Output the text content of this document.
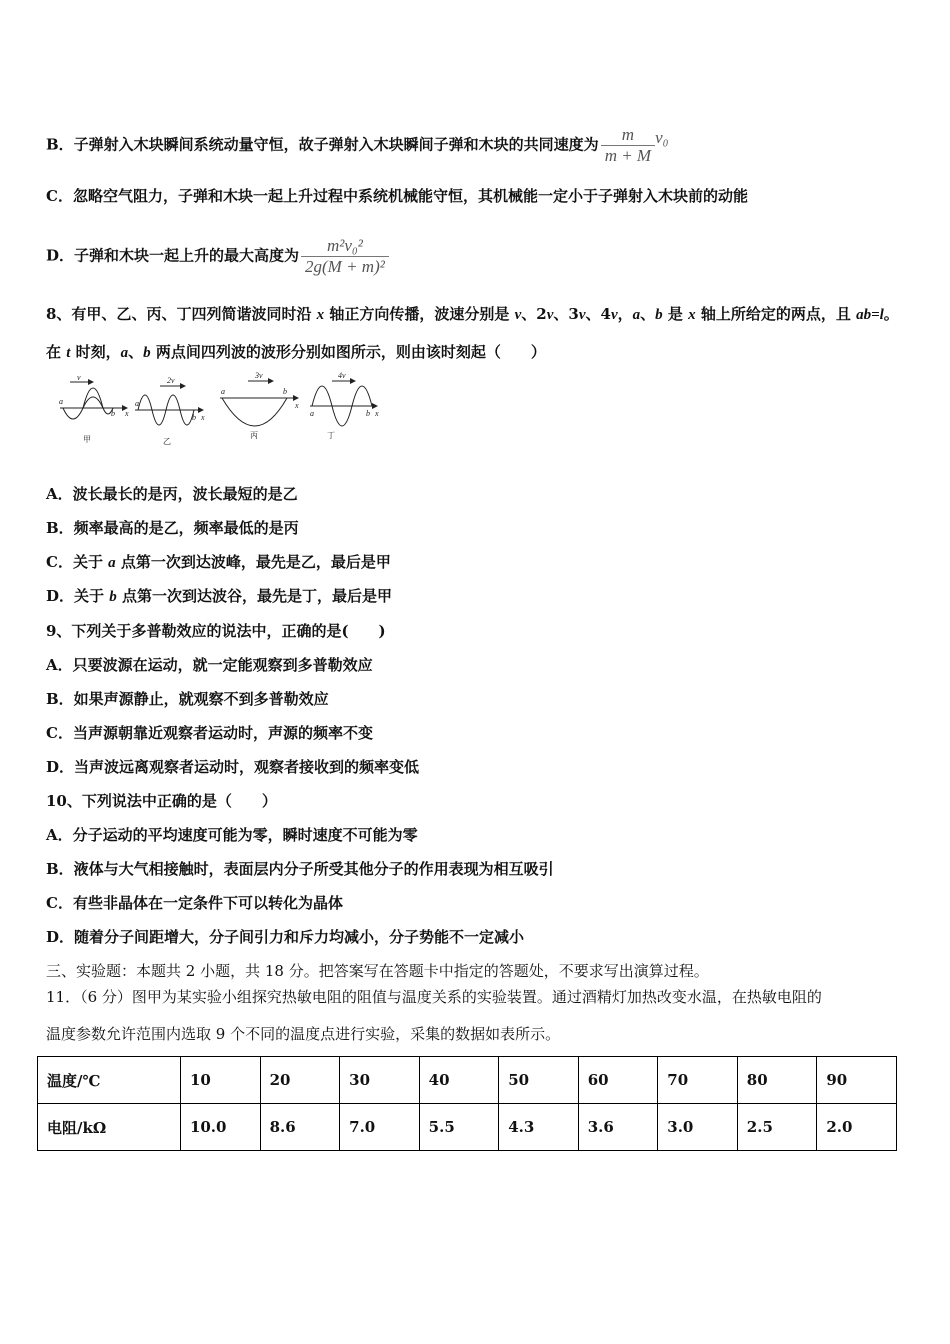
B．子弹射入木块瞬间系统动量守恒，故子弹射入木块瞬间子弹和木块的共同速度为 $\frac{m}{m + M} v_0$
C．忽略空气阻力，子弹和木块一起上升过程中系统机械能守恒，其机械能一定小于子弹射入木块前的动能
D．子弹和木块一起上升的最大高度为 $\frac{\text{m²v₀²}}{\text{2g(M + m)²}}$
8、有甲、乙、丙、丁四列简谐波同时沿 x 轴正方向传播，波速分别是 v、2v、3v、4v，a、b 是 x 轴上所给定的两点，且 ab=l。
在 t 时刻，a、b 两点间四列波的波形分别如图所示，则由该时刻起（　　）
v
a
b x
甲
2v
a
b x
乙
3v
a	b
x
丙
4v
a	b x
丁
A．波长最长的是丙，波长最短的是乙
B．频率最高的是乙，频率最低的是丙
C．关于 a 点第一次到达波峰，最先是乙，最后是甲
D．关于 b 点第一次到达波谷，最先是丁，最后是甲
9、下列关于多普勒效应的说法中，正确的是(　　)
A．只要波源在运动，就一定能观察到多普勒效应
B．如果声源静止，就观察不到多普勒效应
C．当声源朝靠近观察者运动时，声源的频率不变
D．当声波远离观察者运动时，观察者接收到的频率变低
10、下列说法中正确的是（　　）
A．分子运动的平均速度可能为零，瞬时速度不可能为零
B．液体与大气相接触时，表面层内分子所受其他分子的作用表现为相互吸引
C．有些非晶体在一定条件下可以转化为晶体
D．随着分子间距增大，分子间引力和斥力均减小，分子势能不一定减小
三、实验题：本题共 2 小题，共 18 分。把答案写在答题卡中指定的答题处，不要求写出演算过程。
11．（6 分）图甲为某实验小组探究热敏电阻的阻值与温度关系的实验装置。通过酒精灯加热改变水温，在热敏电阻的
温度参数允许范围内选取 9 个不同的温度点进行实验，采集的数据如表所示。
温度/℃	10	20	30	40	50	60	70	80	90
电阻/kΩ	10.0	8.6	7.0	5.5	4.3	3.6	3.0	2.5	2.0
